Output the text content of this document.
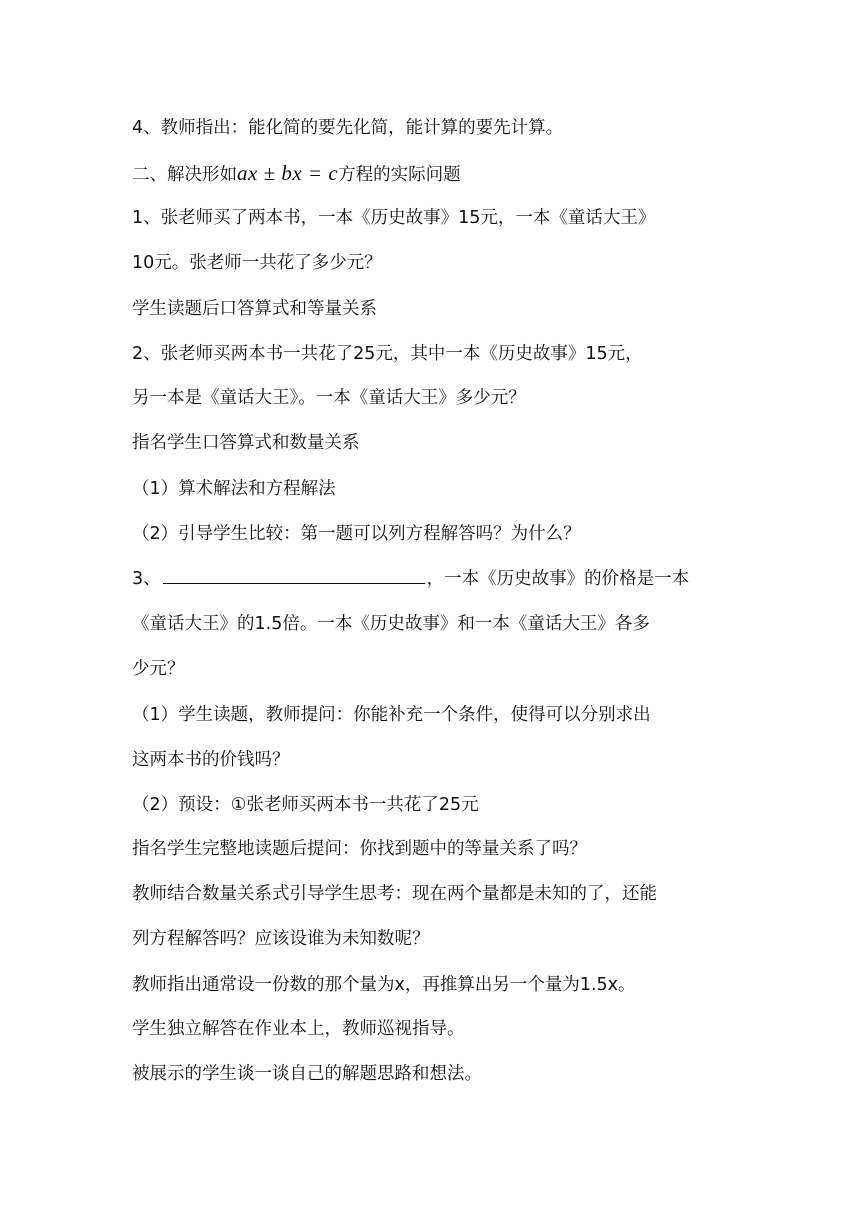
4、教师指出：能化简的要先化简，能计算的要先计算。
二、解决形如ax ± bx = c方程的实际问题
1、张老师买了两本书，一本《历史故事》15元，一本《童话大王》
10元。张老师一共花了多少元？
学生读题后口答算式和等量关系
2、张老师买两本书一共花了25元，其中一本《历史故事》15元，
另一本是《童话大王》。一本《童话大王》多少元？
指名学生口答算式和数量关系
（1）算术解法和方程解法
（2）引导学生比较：第一题可以列方程解答吗？为什么？
3、	，一本《历史故事》的价格是一本
《童话大王》的1.5倍。一本《历史故事》和一本《童话大王》各多
少元？
（1）学生读题，教师提问：你能补充一个条件，使得可以分别求出
这两本书的价钱吗？
（2）预设：①张老师买两本书一共花了25元
指名学生完整地读题后提问：你找到题中的等量关系了吗？
教师结合数量关系式引导学生思考：现在两个量都是未知的了，还能
列方程解答吗？应该设谁为未知数呢？
教师指出通常设一份数的那个量为x，再推算出另一个量为1.5x。
学生独立解答在作业本上，教师巡视指导。
被展示的学生谈一谈自己的解题思路和想法。
